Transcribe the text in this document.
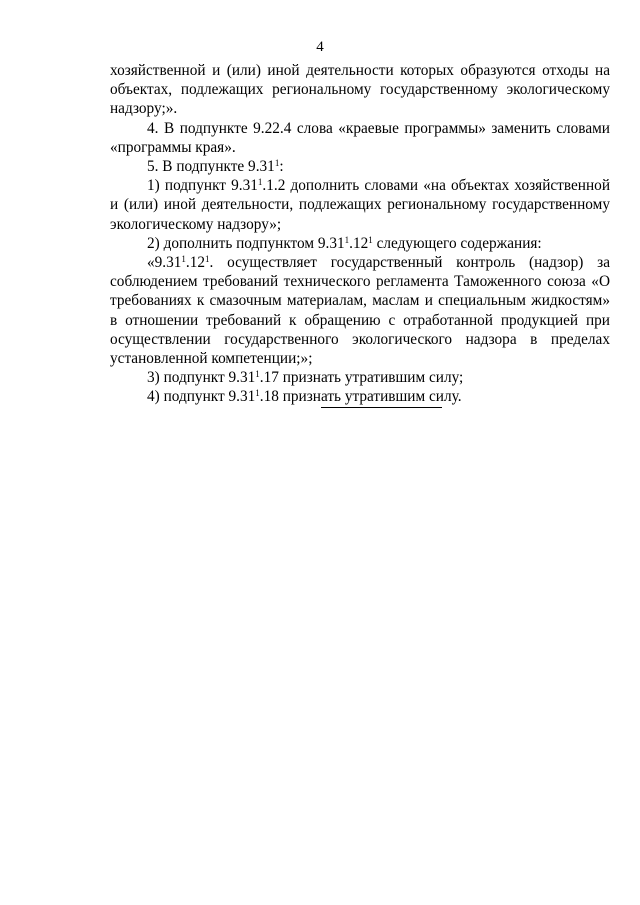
4

хозяйственной и (или) иной деятельности которых образуются отходы на объектах, подлежащих региональному государственному экологическому надзору;».

4. В подпункте 9.22.4 слова «краевые программы» заменить словами «программы края».

5. В подпункте 9.31$^1$:

1) подпункт 9.31$^1$.1.2 дополнить словами «на объектах хозяйственной и (или) иной деятельности, подлежащих региональному государственному экологическому надзору»;

2) дополнить подпунктом $9.31^1.12^1$ следующего содержания:

«$9.31^1.12^1$. осуществляет государственный контроль (надзор) за соблюдением требований технического регламента Таможенного союза «О требованиях к смазочным материалам, маслам и специальным жидкостям» в отношении требований к обращению с отработанной продукцией при осуществлении государственного экологического надзора в пределах установленной компетенции;»;

3) подпункт 9.31$^1$.17 признать утратившим силу;

4) подпункт 9.31$^1$.18 признать утратившим силу.
